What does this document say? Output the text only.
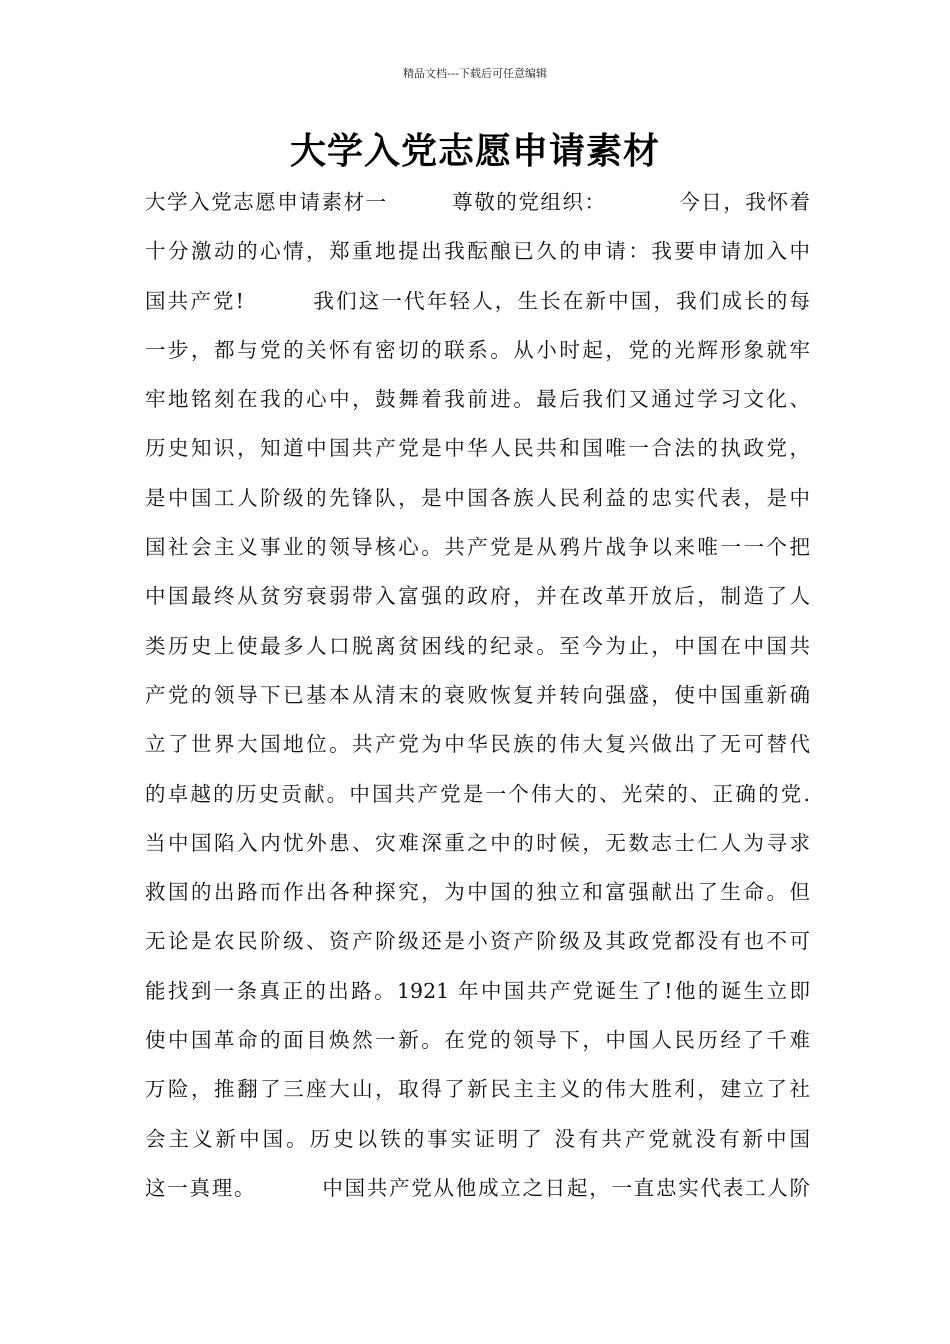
精品文档---下载后可任意编辑
大学入党志愿申请素材
大学入党志愿申请素材一        尊敬的党组织：         今日，我怀着
十分激动的心情，郑重地提出我酝酿已久的申请：我要申请加入中
国共产党!        我们这一代年轻人，生长在新中国，我们成长的每
一步，都与党的关怀有密切的联系。从小时起，党的光辉形象就牢
牢地铭刻在我的心中，鼓舞着我前进。最后我们又通过学习文化、
历史知识，知道中国共产党是中华人民共和国唯一合法的执政党，
是中国工人阶级的先锋队，是中国各族人民利益的忠实代表，是中
国社会主义事业的领导核心。共产党是从鸦片战争以来唯一一个把
中国最终从贫穷衰弱带入富强的政府，并在改革开放后，制造了人
类历史上使最多人口脱离贫困线的纪录。至今为止，中国在中国共
产党的领导下已基本从清末的衰败恢复并转向强盛，使中国重新确
立了世界大国地位。共产党为中华民族的伟大复兴做出了无可替代
的卓越的历史贡献。中国共产党是一个伟大的、光荣的、正确的党.
当中国陷入内忧外患、灾难深重之中的时候，无数志士仁人为寻求
救国的出路而作出各种探究，为中国的独立和富强献出了生命。但
无论是农民阶级、资产阶级还是小资产阶级及其政党都没有也不可
能找到一条真正的出路。1921 年中国共产党诞生了!他的诞生立即
使中国革命的面目焕然一新。在党的领导下，中国人民历经了千难
万险，推翻了三座大山，取得了新民主主义的伟大胜利，建立了社
会主义新中国。历史以铁的事实证明了 没有共产党就没有新中国
这一真理。        中国共产党从他成立之日起，一直忠实代表工人阶
